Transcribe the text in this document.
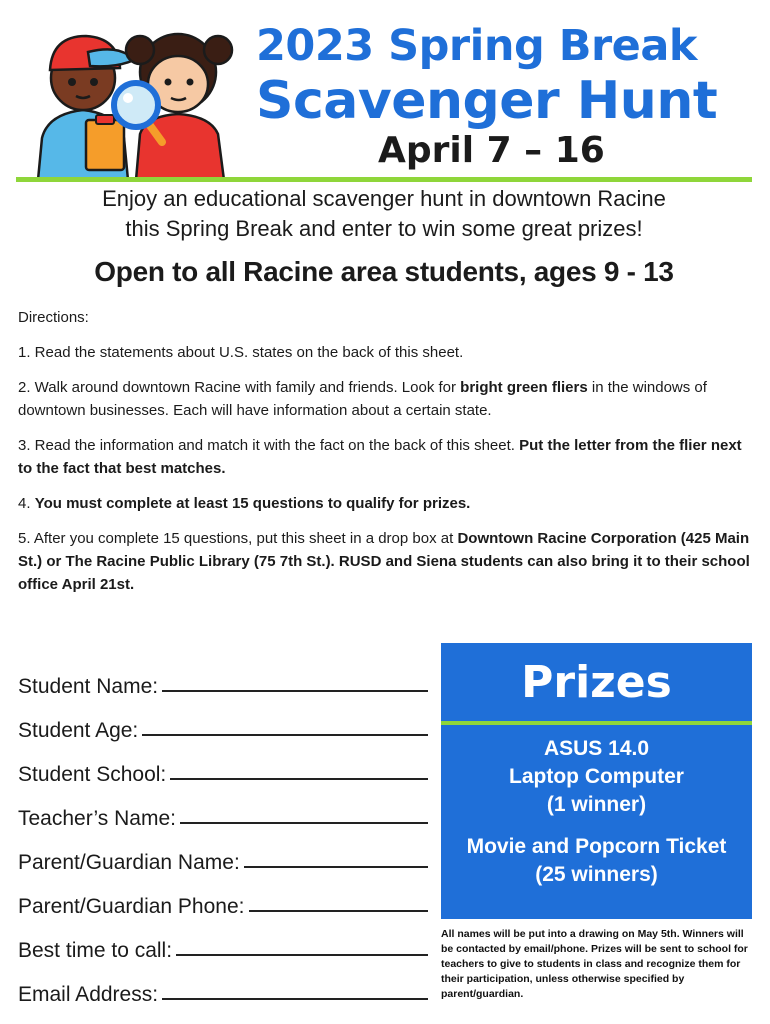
2023 Spring Break
Scavenger Hunt
April 7 – 16
Enjoy an educational scavenger hunt in downtown Racine
this Spring Break and enter to win some great prizes!
Open to all Racine area students, ages 9 - 13

Directions:

1. Read the statements about U.S. states on the back of this sheet.

2. Walk around downtown Racine with family and friends. Look for bright green fliers in the windows of downtown businesses. Each will have information about a certain state.

3. Read the information and match it with the fact on the back of this sheet. Put the letter from the flier next to the fact that best matches.

4. You must complete at least 15 questions to qualify for prizes.

5. After you complete 15 questions, put this sheet in a drop box at Downtown Racine Corporation (425 Main St.) or The Racine Public Library (75 7th St.). RUSD and Siena students can also bring it to their school office April 21st.

Student Name:
Student Age:
Student School:
Teacher’s Name:
Parent/Guardian Name:
Parent/Guardian Phone:
Best time to call:
Email Address:
Prizes
ASUS 14.0
Laptop Computer
(1 winner)
Movie and Popcorn Ticket
(25 winners)
All names will be put into a drawing on May 5th. Winners will be contacted by email/phone. Prizes will be sent to school for teachers to give to students in class and recognize them for their participation, unless otherwise specified by parent/guardian.
